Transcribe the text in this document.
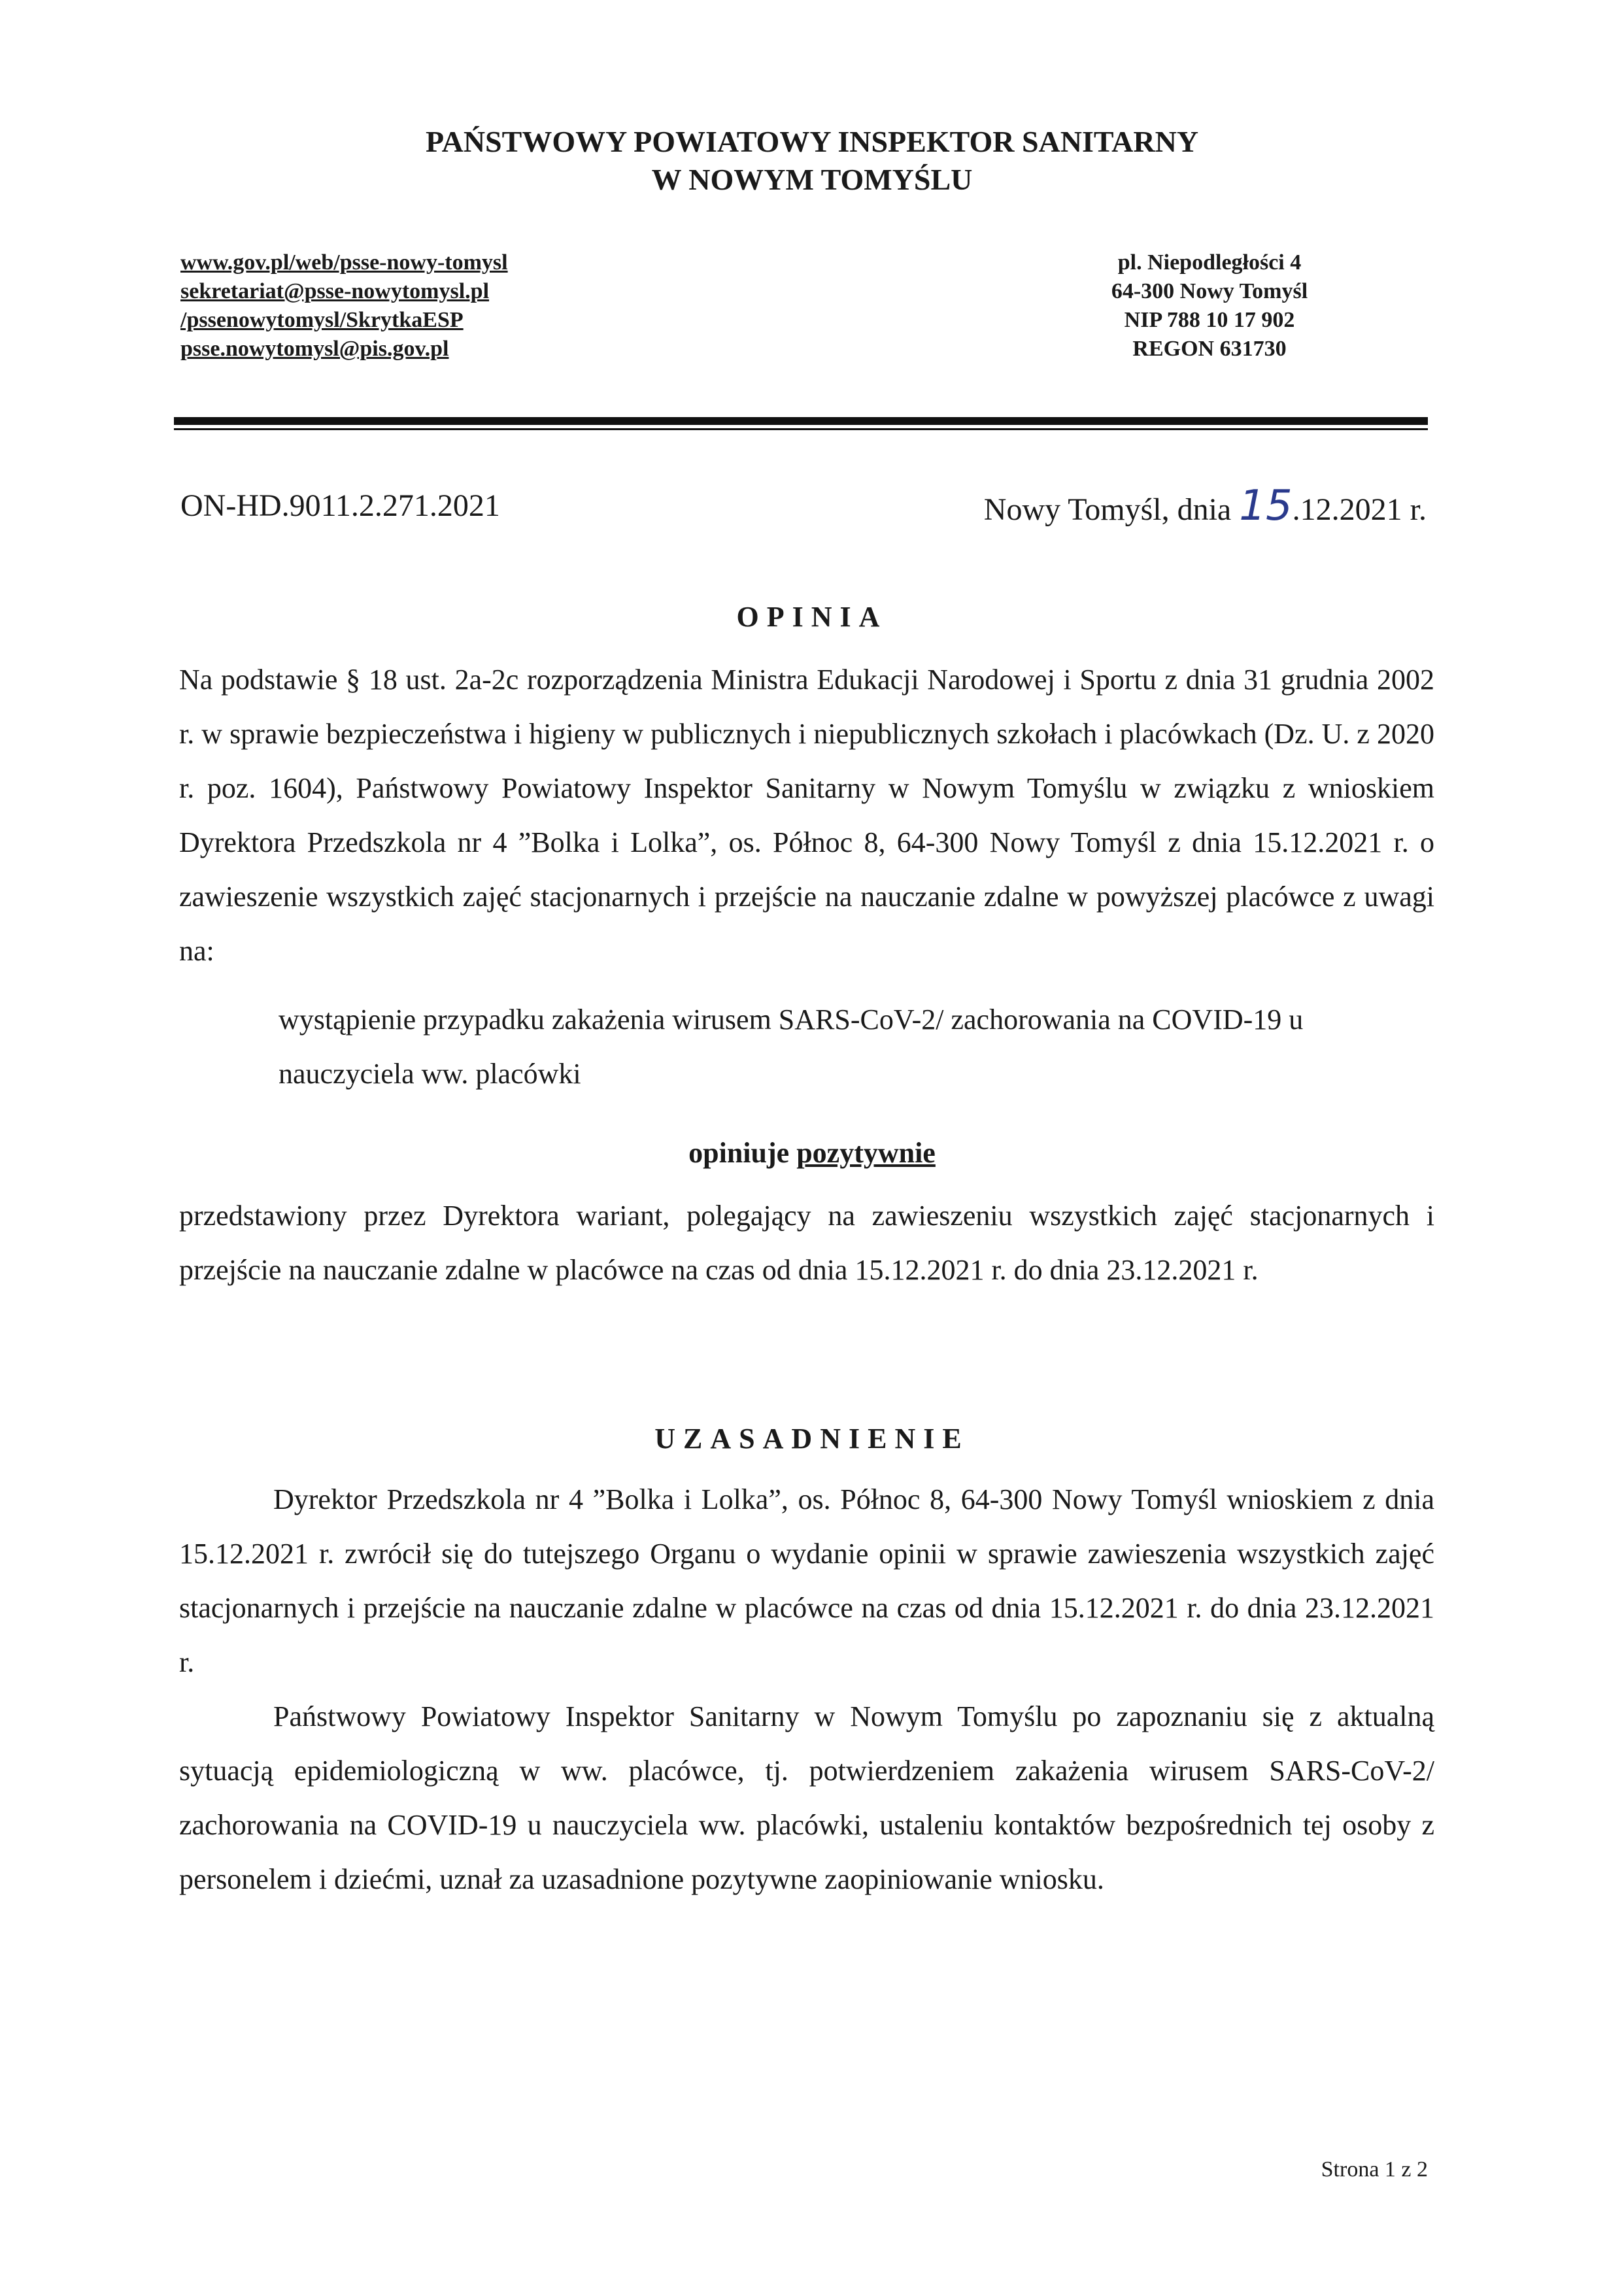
PAŃSTWOWY POWIATOWY INSPEKTOR SANITARNY
W NOWYM TOMYŚLU
www.gov.pl/web/psse-nowy-tomysl
sekretariat@psse-nowytomysl.pl
/pssenowytomysl/SkrytkaESP
psse.nowytomysl@pis.gov.pl
pl. Niepodległości 4
64-300 Nowy Tomyśl
NIP 788 10 17 902
REGON 631730
ON-HD.9011.2.271.2021	Nowy Tomyśl, dnia 15.12.2021 r.
OPINIA

Na podstawie § 18 ust. 2a-2c rozporządzenia Ministra Edukacji Narodowej i Sportu z dnia 31 grudnia 2002 r. w sprawie bezpieczeństwa i higieny w publicznych i niepublicznych szkołach i placówkach (Dz. U. z 2020 r. poz. 1604), Państwowy Powiatowy Inspektor Sanitarny w Nowym Tomyślu w związku z wnioskiem Dyrektora Przedszkola nr 4 ”Bolka i Lolka”, os. Północ 8, 64-300 Nowy Tomyśl z dnia 15.12.2021 r. o zawieszenie wszystkich zajęć stacjonarnych i przejście na nauczanie zdalne w powyższej placówce z uwagi na:

wystąpienie przypadku zakażenia wirusem SARS-CoV-2/ zachorowania na COVID-19 u nauczyciela ww. placówki

opiniuje pozytywnie

przedstawiony przez Dyrektora wariant, polegający na zawieszeniu wszystkich zajęć stacjonarnych i przejście na nauczanie zdalne w placówce na czas od dnia 15.12.2021 r. do dnia 23.12.2021 r.

UZASADNIENIE

Dyrektor Przedszkola nr 4 ”Bolka i Lolka”, os. Północ 8, 64-300 Nowy Tomyśl wnioskiem z dnia 15.12.2021 r. zwrócił się do tutejszego Organu o wydanie opinii w sprawie zawieszenia wszystkich zajęć stacjonarnych i przejście na nauczanie zdalne w placówce na czas od dnia 15.12.2021 r. do dnia 23.12.2021 r.

Państwowy Powiatowy Inspektor Sanitarny w Nowym Tomyślu po zapoznaniu się z aktualną sytuacją epidemiologiczną w ww. placówce, tj. potwierdzeniem zakażenia wirusem SARS-CoV-2/ zachorowania na COVID-19 u nauczyciela ww. placówki, ustaleniu kontaktów bezpośrednich tej osoby z personelem i dziećmi, uznał za uzasadnione pozytywne zaopiniowanie wniosku.

Strona 1 z 2
